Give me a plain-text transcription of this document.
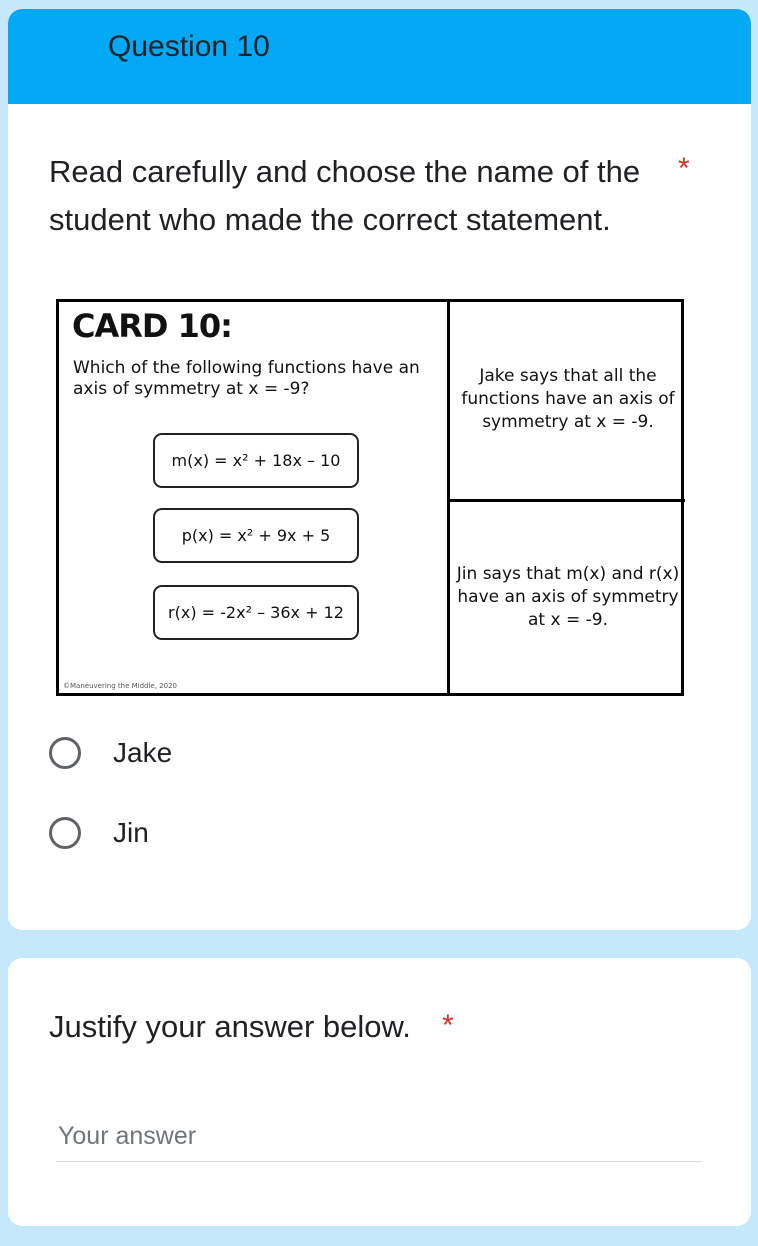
Question 10
Read carefully and choose the name of the student who made the correct statement.
*
CARD 10:
Which of the following functions have an axis of symmetry at x = -9?
m(x) = x² + 18x – 10
p(x) = x² + 9x + 5
r(x) = -2x² – 36x + 12
Jake says that all the functions have an axis of symmetry at x = -9.
Jin says that m(x) and r(x) have an axis of symmetry at x = -9.
©Maneuvering the Middle, 2020
Jake
Jin
Justify your answer below. *
Your answer
